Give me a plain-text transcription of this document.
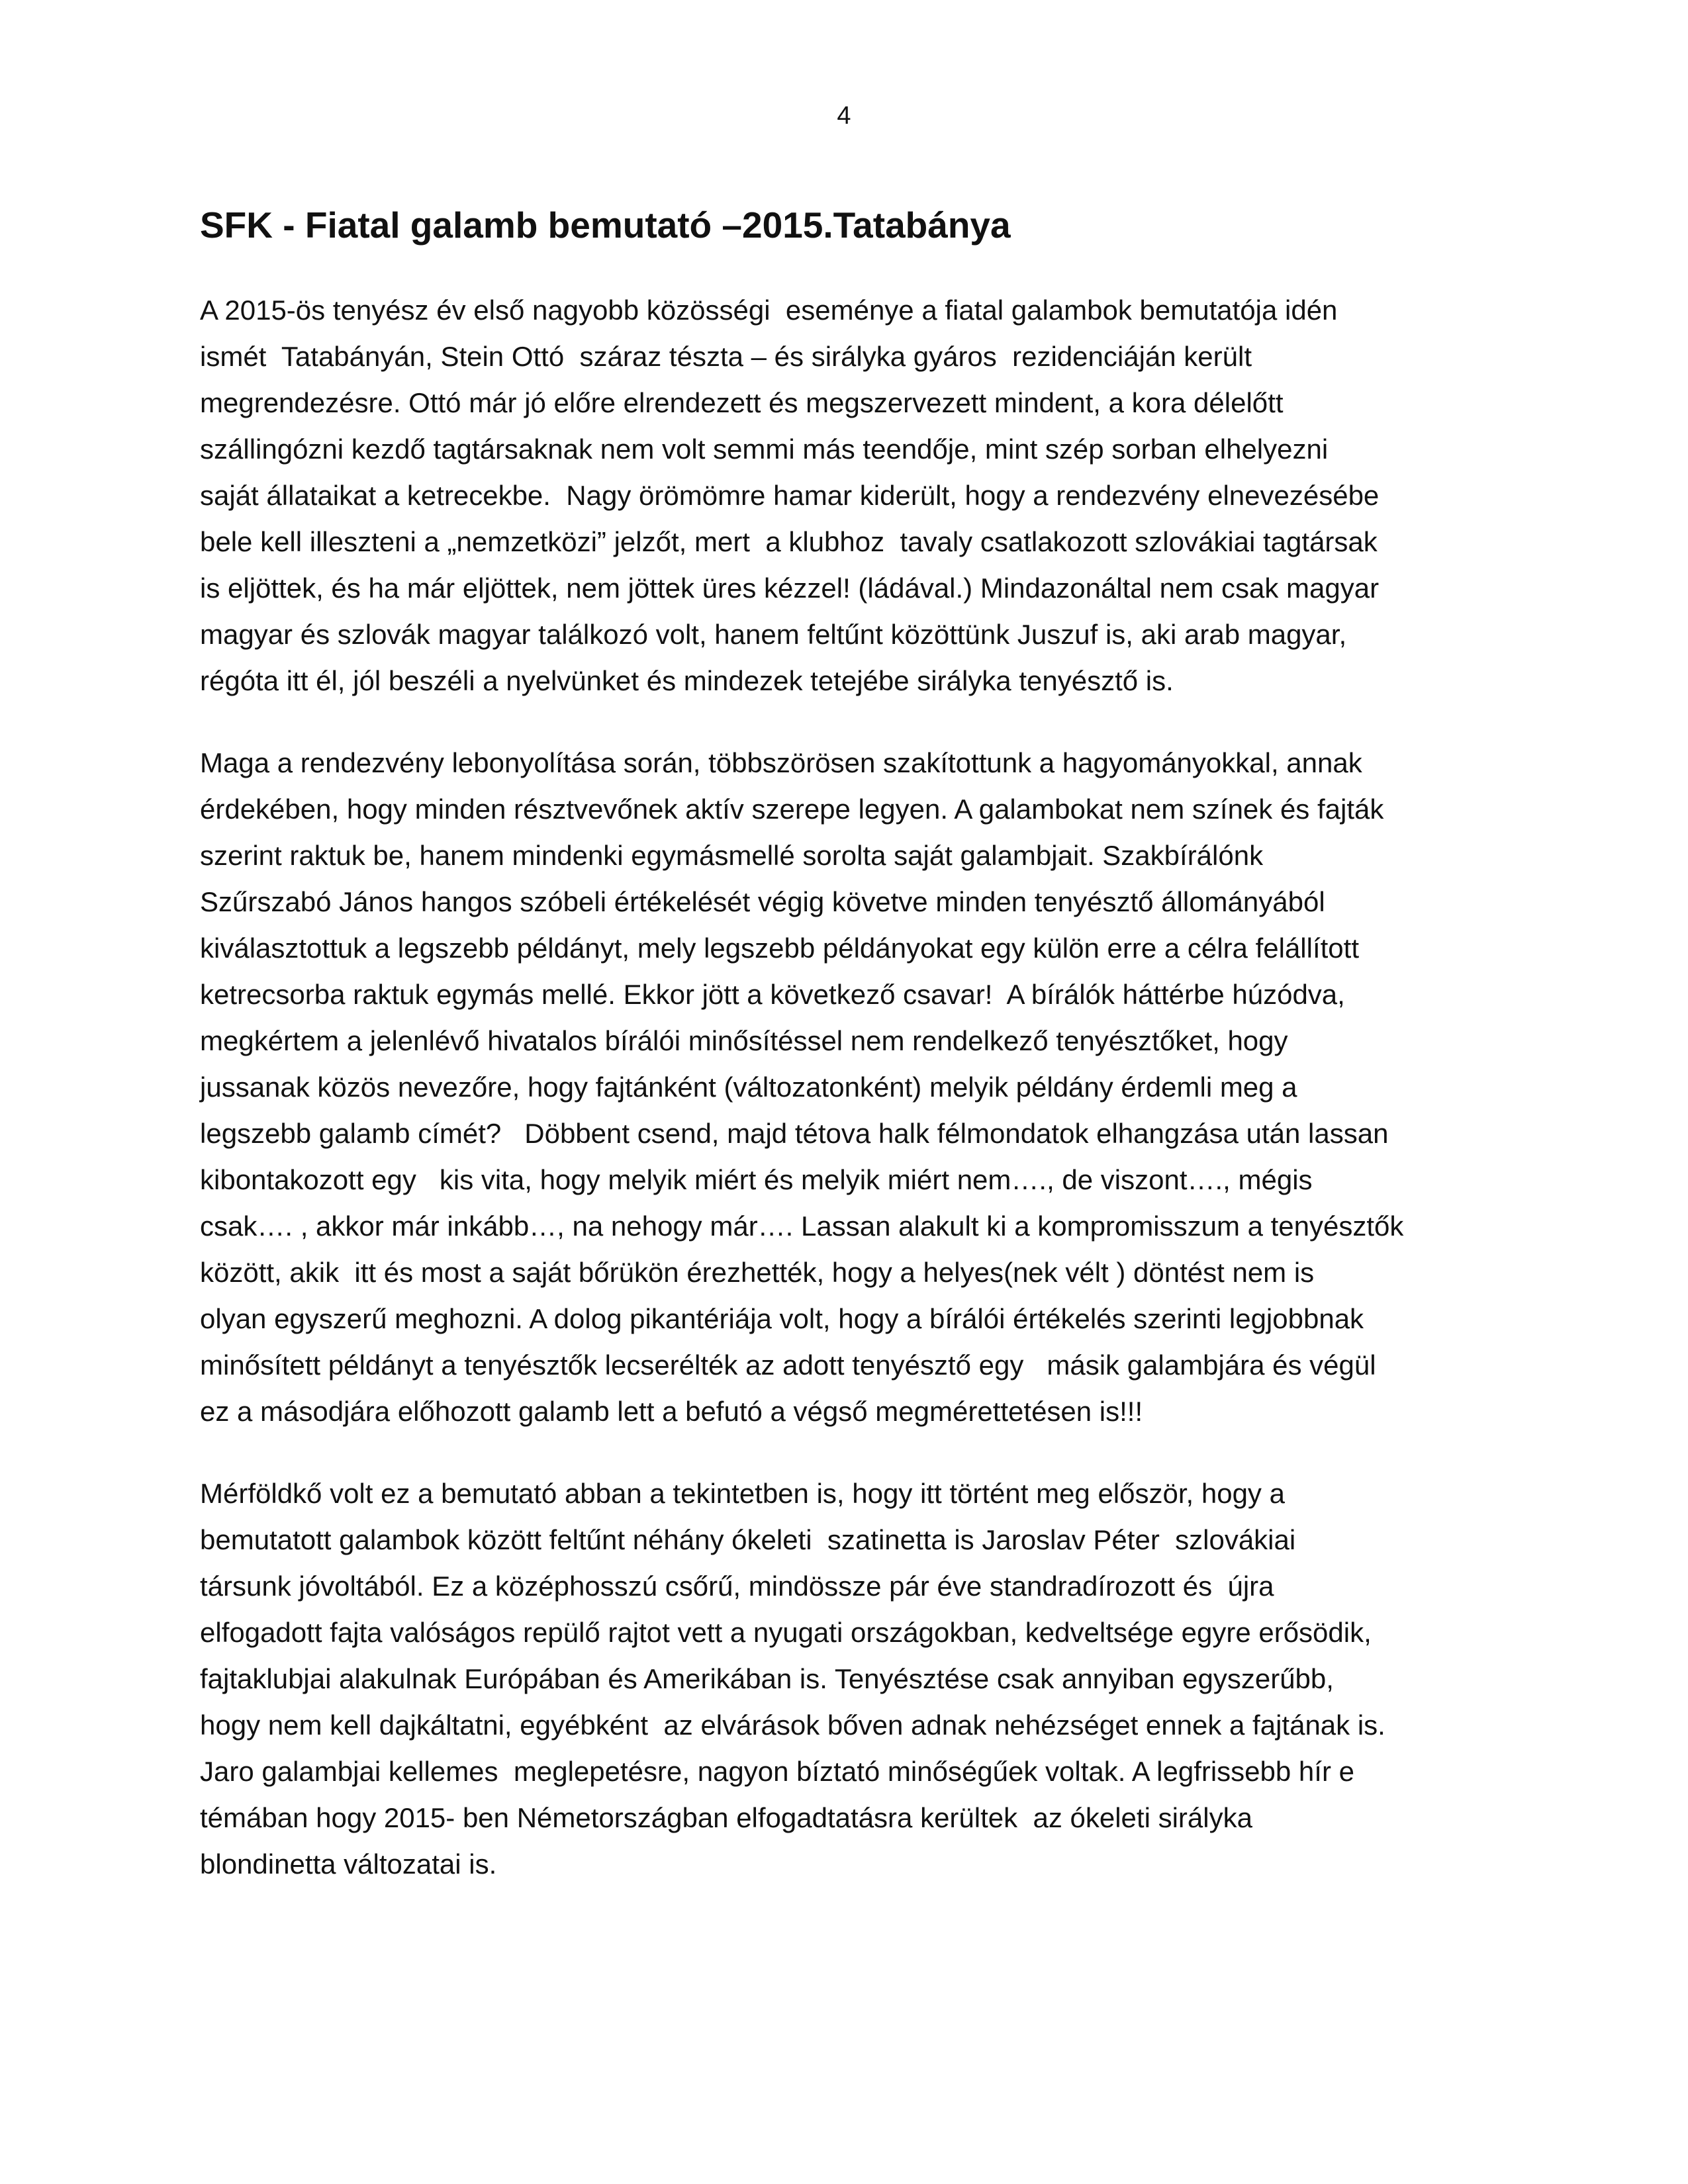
4
SFK - Fiatal galamb bemutató –2015.Tatabánya
A 2015-ös tenyész év első nagyobb közösségi  eseménye a fiatal galambok bemutatója idén
ismét  Tatabányán, Stein Ottó  száraz tészta – és sirályka gyáros  rezidenciáján került
megrendezésre. Ottó már jó előre elrendezett és megszervezett mindent, a kora délelőtt
szállingózni kezdő tagtársaknak nem volt semmi más teendője, mint szép sorban elhelyezni
saját állataikat a ketrecekbe.  Nagy örömömre hamar kiderült, hogy a rendezvény elnevezésébe
bele kell illeszteni a „nemzetközi” jelzőt, mert  a klubhoz  tavaly csatlakozott szlovákiai tagtársak
is eljöttek, és ha már eljöttek, nem jöttek üres kézzel! (ládával.) Mindazonáltal nem csak magyar
magyar és szlovák magyar találkozó volt, hanem feltűnt közöttünk Juszuf is, aki arab magyar,
régóta itt él, jól beszéli a nyelvünket és mindezek tetejébe sirályka tenyésztő is.
Maga a rendezvény lebonyolítása során, többszörösen szakítottunk a hagyományokkal, annak
érdekében, hogy minden résztvevőnek aktív szerepe legyen. A galambokat nem színek és fajták
szerint raktuk be, hanem mindenki egymásmellé sorolta saját galambjait. Szakbírálónk
Szűrszabó János hangos szóbeli értékelését végig követve minden tenyésztő állományából
kiválasztottuk a legszebb példányt, mely legszebb példányokat egy külön erre a célra felállított
ketrecsorba raktuk egymás mellé. Ekkor jött a következő csavar!  A bírálók háttérbe húzódva,
megkértem a jelenlévő hivatalos bírálói minősítéssel nem rendelkező tenyésztőket, hogy
jussanak közös nevezőre, hogy fajtánként (változatonként) melyik példány érdemli meg a
legszebb galamb címét?   Döbbent csend, majd tétova halk félmondatok elhangzása után lassan
kibontakozott egy   kis vita, hogy melyik miért és melyik miért nem…., de viszont…., mégis
csak…. , akkor már inkább…, na nehogy már…. Lassan alakult ki a kompromisszum a tenyésztők
között, akik  itt és most a saját bőrükön érezhették, hogy a helyes(nek vélt ) döntést nem is
olyan egyszerű meghozni. A dolog pikantériája volt, hogy a bírálói értékelés szerinti legjobbnak
minősített példányt a tenyésztők lecserélték az adott tenyésztő egy   másik galambjára és végül
ez a másodjára előhozott galamb lett a befutó a végső megmérettetésen is!!!
Mérföldkő volt ez a bemutató abban a tekintetben is, hogy itt történt meg először, hogy a
bemutatott galambok között feltűnt néhány ókeleti  szatinetta is Jaroslav Péter  szlovákiai
társunk jóvoltából. Ez a középhosszú csőrű, mindössze pár éve standradírozott és  újra
elfogadott fajta valóságos repülő rajtot vett a nyugati országokban, kedveltsége egyre erősödik,
fajtaklubjai alakulnak Európában és Amerikában is. Tenyésztése csak annyiban egyszerűbb,
hogy nem kell dajkáltatni, egyébként  az elvárások bőven adnak nehézséget ennek a fajtának is.
Jaro galambjai kellemes  meglepetésre, nagyon bíztató minőségűek voltak. A legfrissebb hír e
témában hogy 2015- ben Németországban elfogadtatásra kerültek  az ókeleti sirályka
blondinetta változatai is.
